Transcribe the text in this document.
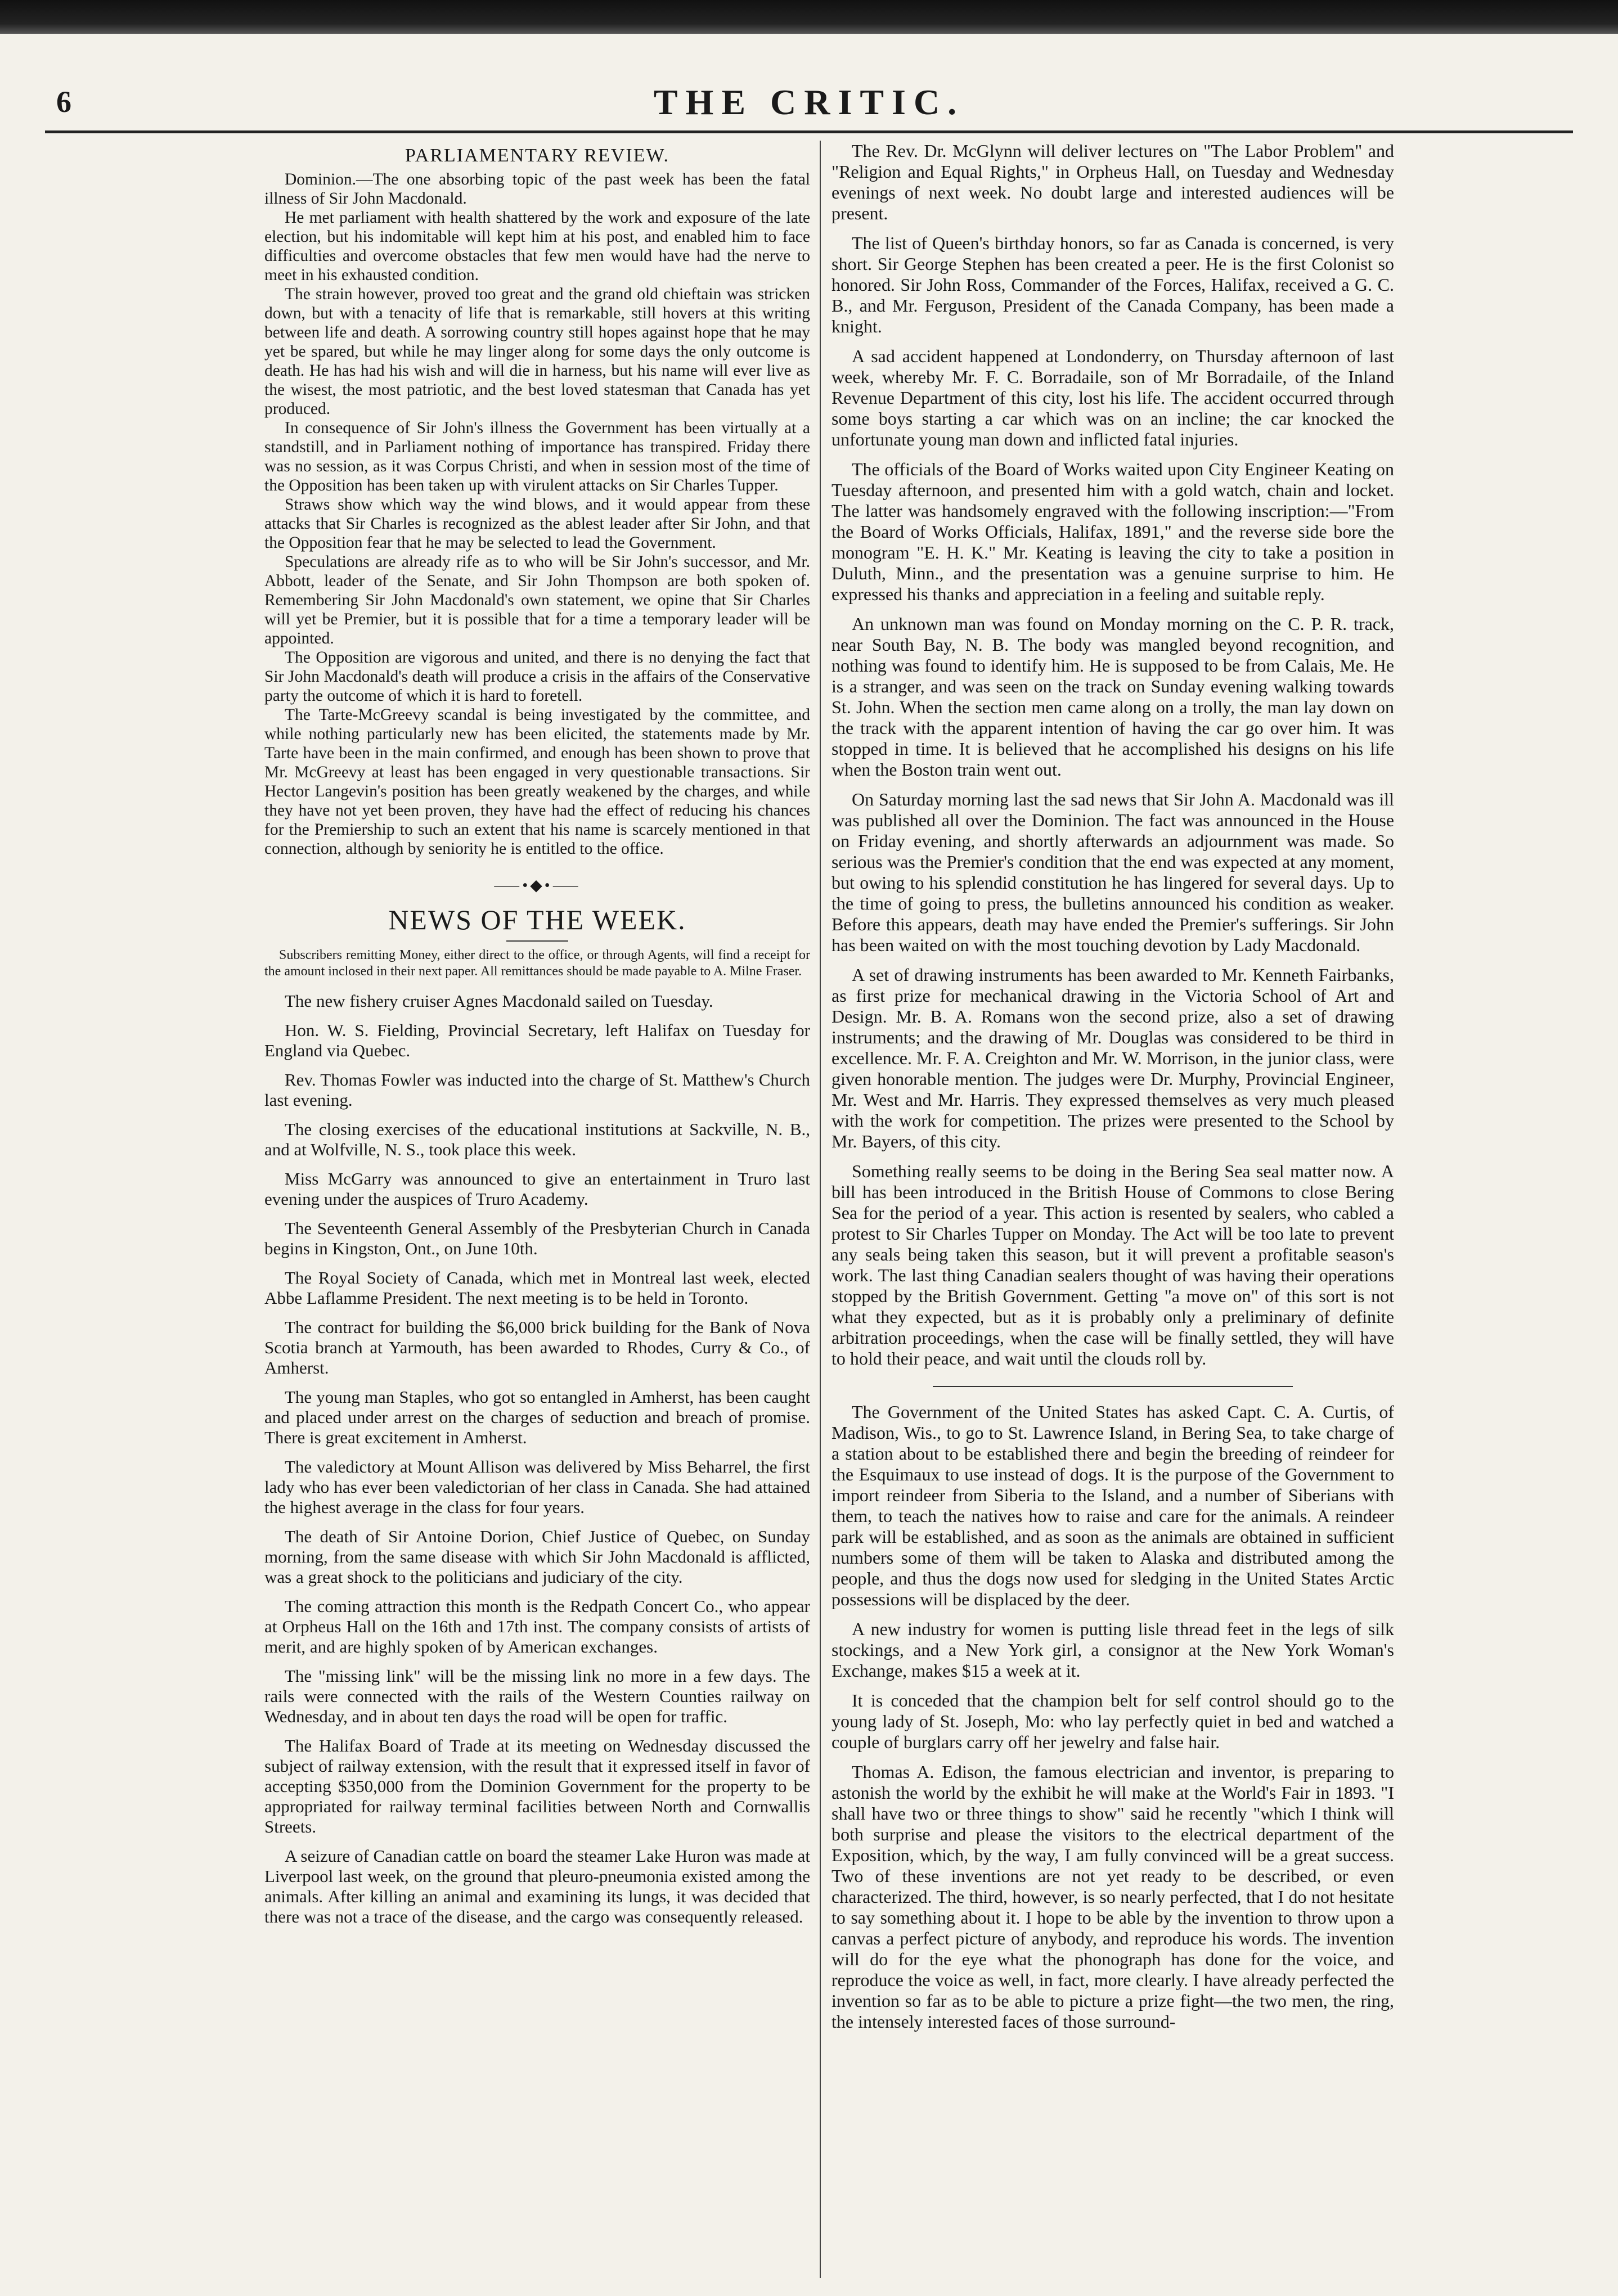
6	THE CRITIC.
PARLIAMENTARY REVIEW.

Dominion.—The one absorbing topic of the past week has been the fatal illness of Sir John Macdonald.

He met parliament with health shattered by the work and exposure of the late election, but his indomitable will kept him at his post, and enabled him to face difficulties and overcome obstacles that few men would have had the nerve to meet in his exhausted condition.

The strain however, proved too great and the grand old chieftain was stricken down, but with a tenacity of life that is remarkable, still hovers at this writing between life and death. A sorrowing country still hopes against hope that he may yet be spared, but while he may linger along for some days the only outcome is death. He has had his wish and will die in harness, but his name will ever live as the wisest, the most patriotic, and the best loved statesman that Canada has yet produced.

In consequence of Sir John's illness the Government has been virtually at a standstill, and in Parliament nothing of importance has transpired. Friday there was no session, as it was Corpus Christi, and when in session most of the time of the Opposition has been taken up with virulent attacks on Sir Charles Tupper.

Straws show which way the wind blows, and it would appear from these attacks that Sir Charles is recognized as the ablest leader after Sir John, and that the Opposition fear that he may be selected to lead the Government.

Speculations are already rife as to who will be Sir John's successor, and Mr. Abbott, leader of the Senate, and Sir John Thompson are both spoken of. Remembering Sir John Macdonald's own statement, we opine that Sir Charles will yet be Premier, but it is possible that for a time a temporary leader will be appointed.

The Opposition are vigorous and united, and there is no denying the fact that Sir John Macdonald's death will produce a crisis in the affairs of the Conservative party the outcome of which it is hard to foretell.

The Tarte-McGreevy scandal is being investigated by the committee, and while nothing particularly new has been elicited, the statements made by Mr. Tarte have been in the main confirmed, and enough has been shown to prove that Mr. McGreevy at least has been engaged in very questionable transactions. Sir Hector Langevin's position has been greatly weakened by the charges, and while they have not yet been proven, they have had the effect of reducing his chances for the Premiership to such an extent that his name is scarcely mentioned in that connection, although by seniority he is entitled to the office.

⸺•◆•⸺
NEWS OF THE WEEK.
Subscribers remitting Money, either direct to the office, or through Agents, will find a receipt for the amount inclosed in their next paper. All remittances should be made payable to A. Milne Fraser.

The new fishery cruiser Agnes Macdonald sailed on Tuesday.

Hon. W. S. Fielding, Provincial Secretary, left Halifax on Tuesday for England via Quebec.

Rev. Thomas Fowler was inducted into the charge of St. Matthew's Church last evening.

The closing exercises of the educational institutions at Sackville, N. B., and at Wolfville, N. S., took place this week.

Miss McGarry was announced to give an entertainment in Truro last evening under the auspices of Truro Academy.

The Seventeenth General Assembly of the Presbyterian Church in Canada begins in Kingston, Ont., on June 10th.

The Royal Society of Canada, which met in Montreal last week, elected Abbe Laflamme President. The next meeting is to be held in Toronto.

The contract for building the $6,000 brick building for the Bank of Nova Scotia branch at Yarmouth, has been awarded to Rhodes, Curry & Co., of Amherst.

The young man Staples, who got so entangled in Amherst, has been caught and placed under arrest on the charges of seduction and breach of promise. There is great excitement in Amherst.

The valedictory at Mount Allison was delivered by Miss Beharrel, the first lady who has ever been valedictorian of her class in Canada. She had attained the highest average in the class for four years.

The death of Sir Antoine Dorion, Chief Justice of Quebec, on Sunday morning, from the same disease with which Sir John Macdonald is afflicted, was a great shock to the politicians and judiciary of the city.

The coming attraction this month is the Redpath Concert Co., who appear at Orpheus Hall on the 16th and 17th inst. The company consists of artists of merit, and are highly spoken of by American exchanges.

The "missing link" will be the missing link no more in a few days. The rails were connected with the rails of the Western Counties railway on Wednesday, and in about ten days the road will be open for traffic.

The Halifax Board of Trade at its meeting on Wednesday discussed the subject of railway extension, with the result that it expressed itself in favor of accepting $350,000 from the Dominion Government for the property to be appropriated for railway terminal facilities between North and Cornwallis Streets.

A seizure of Canadian cattle on board the steamer Lake Huron was made at Liverpool last week, on the ground that pleuro-pneumonia existed among the animals. After killing an animal and examining its lungs, it was decided that there was not a trace of the disease, and the cargo was consequently released.

The Rev. Dr. McGlynn will deliver lectures on "The Labor Problem" and "Religion and Equal Rights," in Orpheus Hall, on Tuesday and Wednesday evenings of next week. No doubt large and interested audiences will be present.

The list of Queen's birthday honors, so far as Canada is concerned, is very short. Sir George Stephen has been created a peer. He is the first Colonist so honored. Sir John Ross, Commander of the Forces, Halifax, received a G. C. B., and Mr. Ferguson, President of the Canada Company, has been made a knight.

A sad accident happened at Londonderry, on Thursday afternoon of last week, whereby Mr. F. C. Borradaile, son of Mr Borradaile, of the Inland Revenue Department of this city, lost his life. The accident occurred through some boys starting a car which was on an incline; the car knocked the unfortunate young man down and inflicted fatal injuries.

The officials of the Board of Works waited upon City Engineer Keating on Tuesday afternoon, and presented him with a gold watch, chain and locket. The latter was handsomely engraved with the following inscription:—"From the Board of Works Officials, Halifax, 1891," and the reverse side bore the monogram "E. H. K." Mr. Keating is leaving the city to take a position in Duluth, Minn., and the presentation was a genuine surprise to him. He expressed his thanks and appreciation in a feeling and suitable reply.

An unknown man was found on Monday morning on the C. P. R. track, near South Bay, N. B. The body was mangled beyond recognition, and nothing was found to identify him. He is supposed to be from Calais, Me. He is a stranger, and was seen on the track on Sunday evening walking towards St. John. When the section men came along on a trolly, the man lay down on the track with the apparent intention of having the car go over him. It was stopped in time. It is believed that he accomplished his designs on his life when the Boston train went out.

On Saturday morning last the sad news that Sir John A. Macdonald was ill was published all over the Dominion. The fact was announced in the House on Friday evening, and shortly afterwards an adjournment was made. So serious was the Premier's condition that the end was expected at any moment, but owing to his splendid constitution he has lingered for several days. Up to the time of going to press, the bulletins announced his condition as weaker. Before this appears, death may have ended the Premier's sufferings. Sir John has been waited on with the most touching devotion by Lady Macdonald.

A set of drawing instruments has been awarded to Mr. Kenneth Fairbanks, as first prize for mechanical drawing in the Victoria School of Art and Design. Mr. B. A. Romans won the second prize, also a set of drawing instruments; and the drawing of Mr. Douglas was considered to be third in excellence. Mr. F. A. Creighton and Mr. W. Morrison, in the junior class, were given honorable mention. The judges were Dr. Murphy, Provincial Engineer, Mr. West and Mr. Harris. They expressed themselves as very much pleased with the work for competition. The prizes were presented to the School by Mr. Bayers, of this city.

Something really seems to be doing in the Bering Sea seal matter now. A bill has been introduced in the British House of Commons to close Bering Sea for the period of a year. This action is resented by sealers, who cabled a protest to Sir Charles Tupper on Monday. The Act will be too late to prevent any seals being taken this season, but it will prevent a profitable season's work. The last thing Canadian sealers thought of was having their operations stopped by the British Government. Getting "a move on" of this sort is not what they expected, but as it is probably only a preliminary of definite arbitration proceedings, when the case will be finally settled, they will have to hold their peace, and wait until the clouds roll by.

The Government of the United States has asked Capt. C. A. Curtis, of Madison, Wis., to go to St. Lawrence Island, in Bering Sea, to take charge of a station about to be established there and begin the breeding of reindeer for the Esquimaux to use instead of dogs. It is the purpose of the Government to import reindeer from Siberia to the Island, and a number of Siberians with them, to teach the natives how to raise and care for the animals. A reindeer park will be established, and as soon as the animals are obtained in sufficient numbers some of them will be taken to Alaska and distributed among the people, and thus the dogs now used for sledging in the United States Arctic possessions will be displaced by the deer.

A new industry for women is putting lisle thread feet in the legs of silk stockings, and a New York girl, a consignor at the New York Woman's Exchange, makes $15 a week at it.

It is conceded that the champion belt for self control should go to the young lady of St. Joseph, Mo: who lay perfectly quiet in bed and watched a couple of burglars carry off her jewelry and false hair.

Thomas A. Edison, the famous electrician and inventor, is preparing to astonish the world by the exhibit he will make at the World's Fair in 1893. "I shall have two or three things to show" said he recently "which I think will both surprise and please the visitors to the electrical department of the Exposition, which, by the way, I am fully convinced will be a great success. Two of these inventions are not yet ready to be described, or even characterized. The third, however, is so nearly perfected, that I do not hesitate to say something about it. I hope to be able by the invention to throw upon a canvas a perfect picture of anybody, and reproduce his words. The invention will do for the eye what the phonograph has done for the voice, and reproduce the voice as well, in fact, more clearly. I have already perfected the invention so far as to be able to picture a prize fight—the two men, the ring, the intensely interested faces of those surround-
